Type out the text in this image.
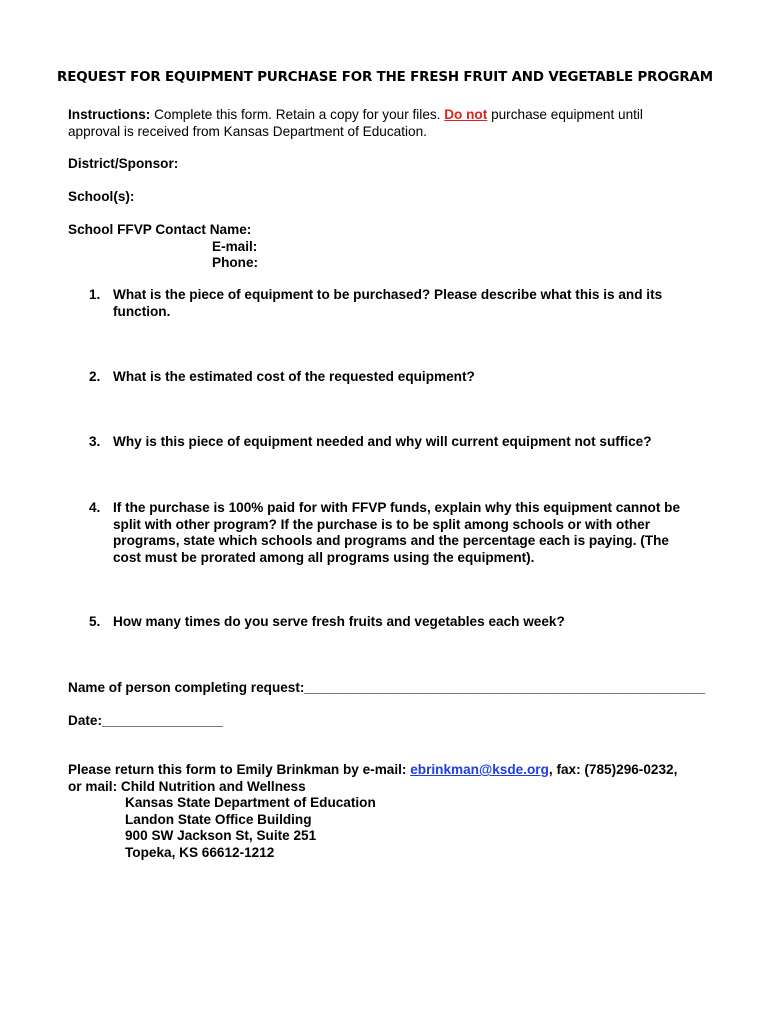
REQUEST FOR EQUIPMENT PURCHASE FOR THE FRESH FRUIT AND VEGETABLE PROGRAM
Instructions: Complete this form. Retain a copy for your files. Do not purchase equipment until
approval is received from Kansas Department of Education.
District/Sponsor:
School(s):
School FFVP Contact Name:
E-mail:
Phone:
1. What is the piece of equipment to be purchased? Please describe what this is and its function.
2. What is the estimated cost of the requested equipment?
3. Why is this piece of equipment needed and why will current equipment not suffice?
4. If the purchase is 100% paid for with FFVP funds, explain why this equipment cannot be split with other program? If the purchase is to be split among schools or with other programs, state which schools and programs and the percentage each is paying. (The cost must be prorated among all programs using the equipment).
5. How many times do you serve fresh fruits and vegetables each week?
Name of person completing request:_____________________________________________________
Date:________________
Please return this form to Emily Brinkman by e-mail: ebrinkman@ksde.org, fax: (785)296-0232,
or mail: Child Nutrition and Wellness
Kansas State Department of Education
Landon State Office Building
900 SW Jackson St, Suite 251
Topeka, KS 66612-1212
